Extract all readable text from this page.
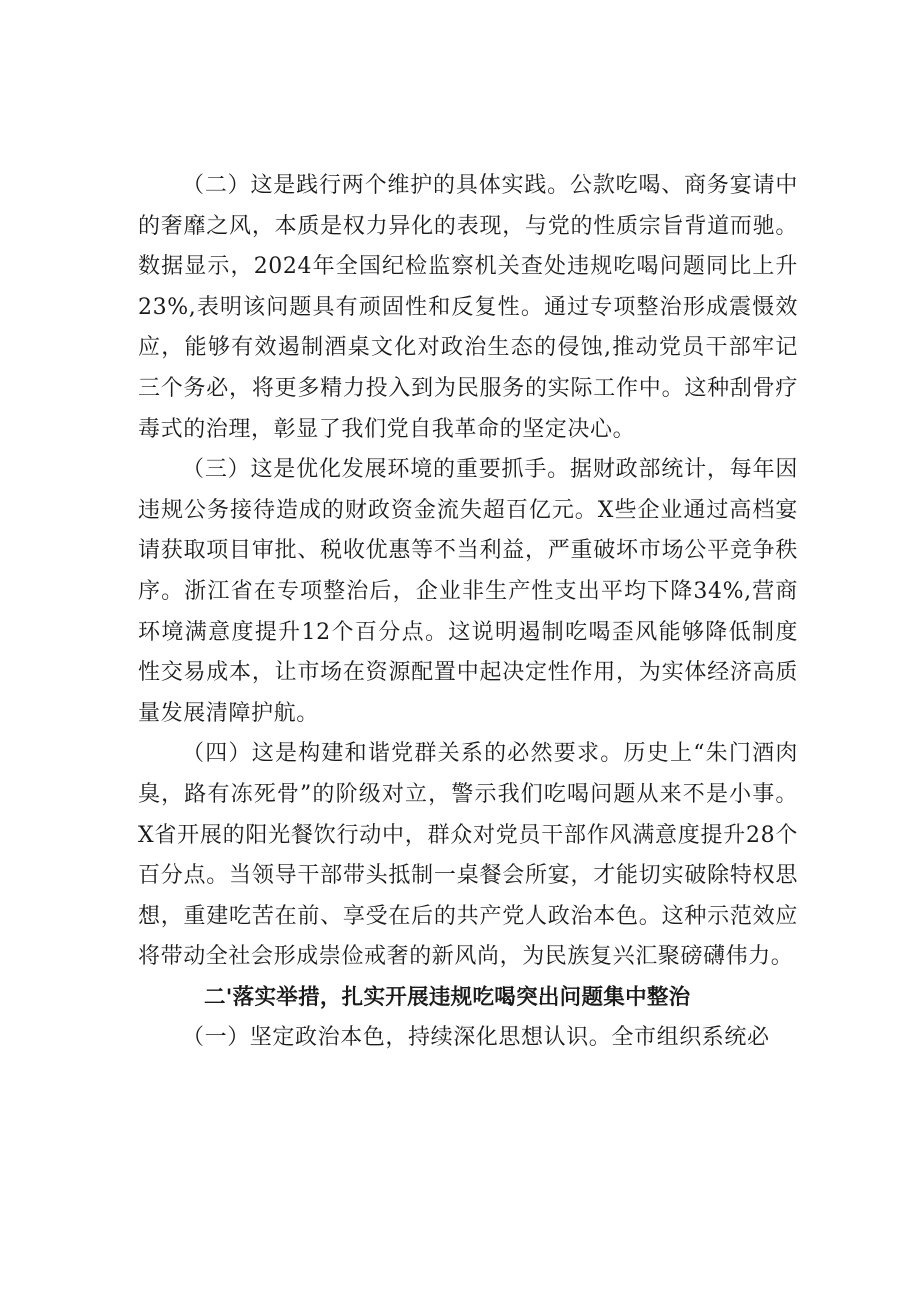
（二）这是践行两个维护的具体实践。公款吃喝、商务宴请中的奢靡之风，本质是权力异化的表现，与党的性质宗旨背道而驰。数据显示，2024年全国纪检监察机关查处违规吃喝问题同比上升23%,表明该问题具有顽固性和反复性。通过专项整治形成震慑效应，能够有效遏制酒桌文化对政治生态的侵蚀,推动党员干部牢记三个务必，将更多精力投入到为民服务的实际工作中。这种刮骨疗毒式的治理，彰显了我们党自我革命的坚定决心。

（三）这是优化发展环境的重要抓手。据财政部统计，每年因违规公务接待造成的财政资金流失超百亿元。X些企业通过高档宴请获取项目审批、税收优惠等不当利益，严重破坏市场公平竞争秩序。浙江省在专项整治后，企业非生产性支出平均下降34%,营商环境满意度提升12个百分点。这说明遏制吃喝歪风能够降低制度性交易成本，让市场在资源配置中起决定性作用，为实体经济高质量发展清障护航。

（四）这是构建和谐党群关系的必然要求。历史上“朱门酒肉臭，路有冻死骨”的阶级对立，警示我们吃喝问题从来不是小事。X省开展的阳光餐饮行动中，群众对党员干部作风满意度提升28个百分点。当领导干部带头抵制一桌餐会所宴，才能切实破除特权思想，重建吃苦在前、享受在后的共产党人政治本色。这种示范效应将带动全社会形成崇俭戒奢的新风尚，为民族复兴汇聚磅礴伟力。

二'落实举措，扎实开展违规吃喝突出问题集中整治

（一）坚定政治本色，持续深化思想认识。全市组织系统必
